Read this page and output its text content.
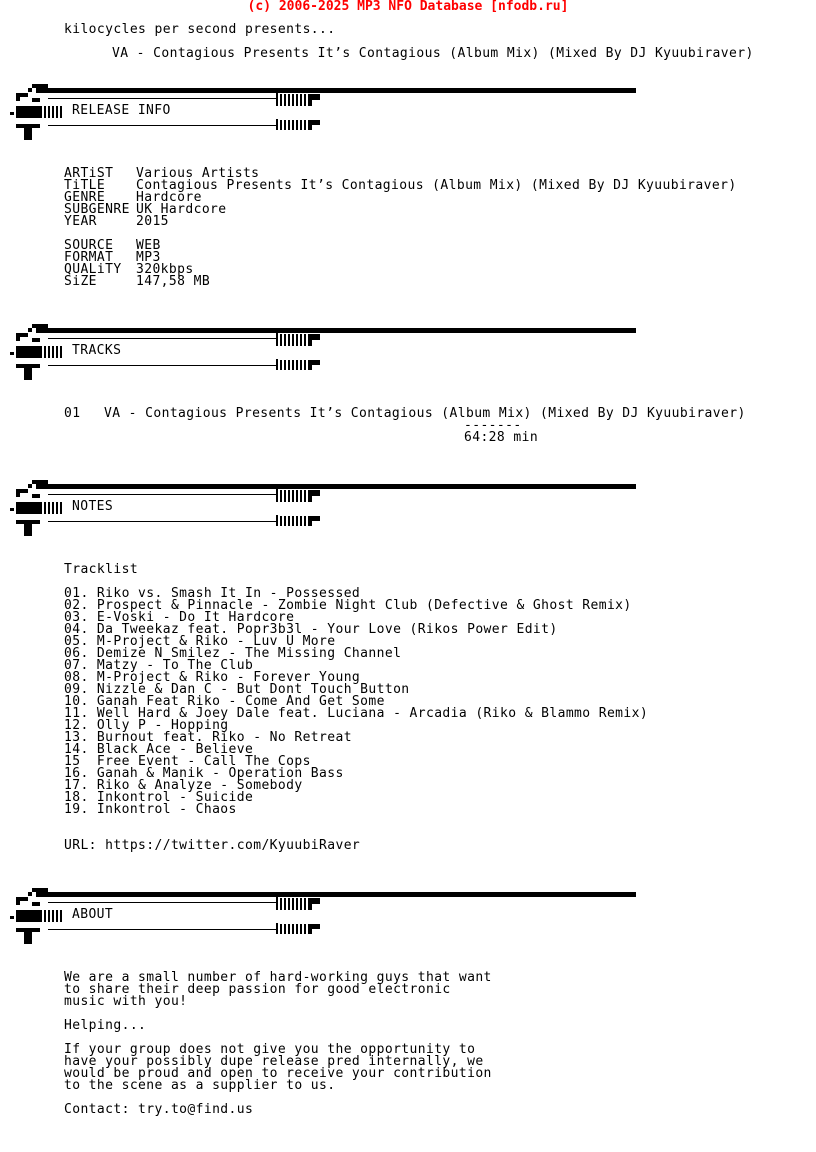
(c) 2006-2025 MP3 NFO Database [nfodb.ru]
kilocycles per second presents...
VA - Contagious Presents It’s Contagious (Album Mix) (Mixed By DJ Kyuubiraver)
RELEASE INFO
ARTiST Various Artists
TiTLE Contagious Presents It’s Contagious (Album Mix) (Mixed By DJ Kyuubiraver)
GENRE Hardcore
SUBGENRE UK Hardcore
YEAR	2015
SOURCE WEB
FORMAT MP3
QUALiTY 320kbps
SiZE	147,58 MB
TRACKS
01 VA - Contagious Presents It’s Contagious (Album Mix) (Mixed By DJ Kyuubiraver)
-------
64:28 min
NOTES
Tracklist
01. Riko vs. Smash It In - Possessed
02. Prospect & Pinnacle - Zombie Night Club (Defective & Ghost Remix)
03. E-Voski - Do It Hardcore
04. Da Tweekaz feat. Popr3b3l - Your Love (Rikos Power Edit)
05. M-Project & Riko - Luv U More
06. Demize N Smilez - The Missing Channel
07. Matzy - To The Club
08. M-Project & Riko - Forever Young
09. Nizzle & Dan C - But Dont Touch Button
10. Ganah Feat Riko - Come And Get Some
11. Well Hard & Joey Dale feat. Luciana - Arcadia (Riko & Blammo Remix)
12. Olly P - Hopping
13. Burnout feat. Riko - No Retreat
14. Black Ace - Believe
15  Free Event - Call The Cops
16. Ganah & Manik - Operation Bass
17. Riko & Analyze - Somebody
18. Inkontrol - Suicide
19. Inkontrol - Chaos
URL: https://twitter.com/KyuubiRaver
ABOUT
We are a small number of hard-working guys that want
to share their deep passion for good electronic
music with you!
Helping...
If your group does not give you the opportunity to
have your possibly dupe release pred internally, we
would be proud and open to receive your contribution
to the scene as a supplier to us.
Contact: try.to@find.us
